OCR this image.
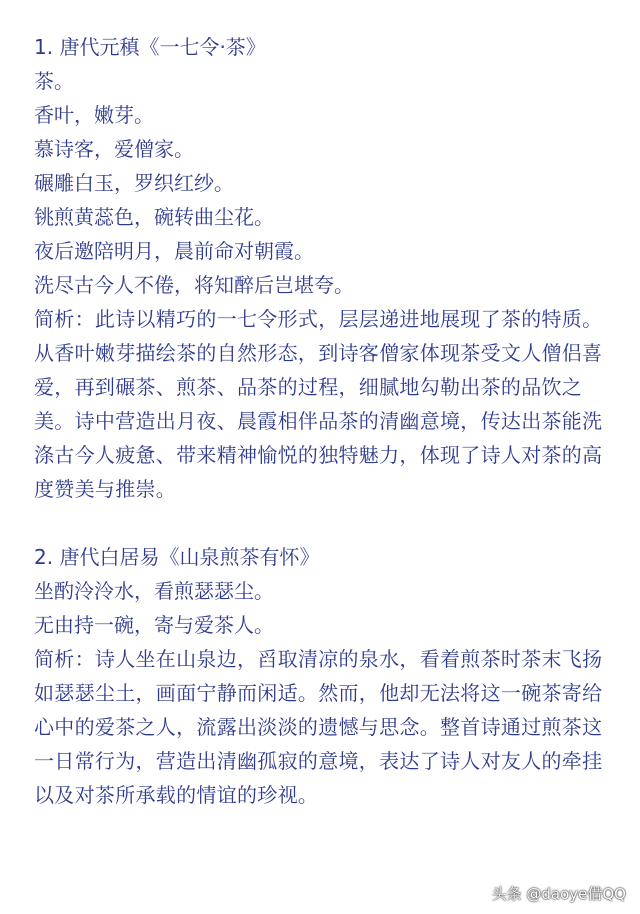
1. 唐代元稹《一七令·茶》

茶。

香叶，嫩芽。

慕诗客，爱僧家。

碾雕白玉，罗织红纱。

铫煎黄蕊色，碗转曲尘花。

夜后邀陪明月，晨前命对朝霞。

洗尽古今人不倦，将知醉后岂堪夸。

简析：此诗以精巧的一七令形式，层层递进地展现了茶的特质。从香叶嫩芽描绘茶的自然形态，到诗客僧家体现茶受文人僧侣喜爱，再到碾茶、煎茶、品茶的过程，细腻地勾勒出茶的品饮之美。诗中营造出月夜、晨霞相伴品茶的清幽意境，传达出茶能洗涤古今人疲惫、带来精神愉悦的独特魅力，体现了诗人对茶的高度赞美与推崇。

2. 唐代白居易《山泉煎茶有怀》

坐酌泠泠水，看煎瑟瑟尘。

无由持一碗，寄与爱茶人。

简析：诗人坐在山泉边，舀取清凉的泉水，看着煎茶时茶末飞扬如瑟瑟尘土，画面宁静而闲适。然而，他却无法将这一碗茶寄给心中的爱茶之人，流露出淡淡的遗憾与思念。整首诗通过煎茶这一日常行为，营造出清幽孤寂的意境，表达了诗人对友人的牵挂以及对茶所承载的情谊的珍视。

头条 @daoye借QQ
